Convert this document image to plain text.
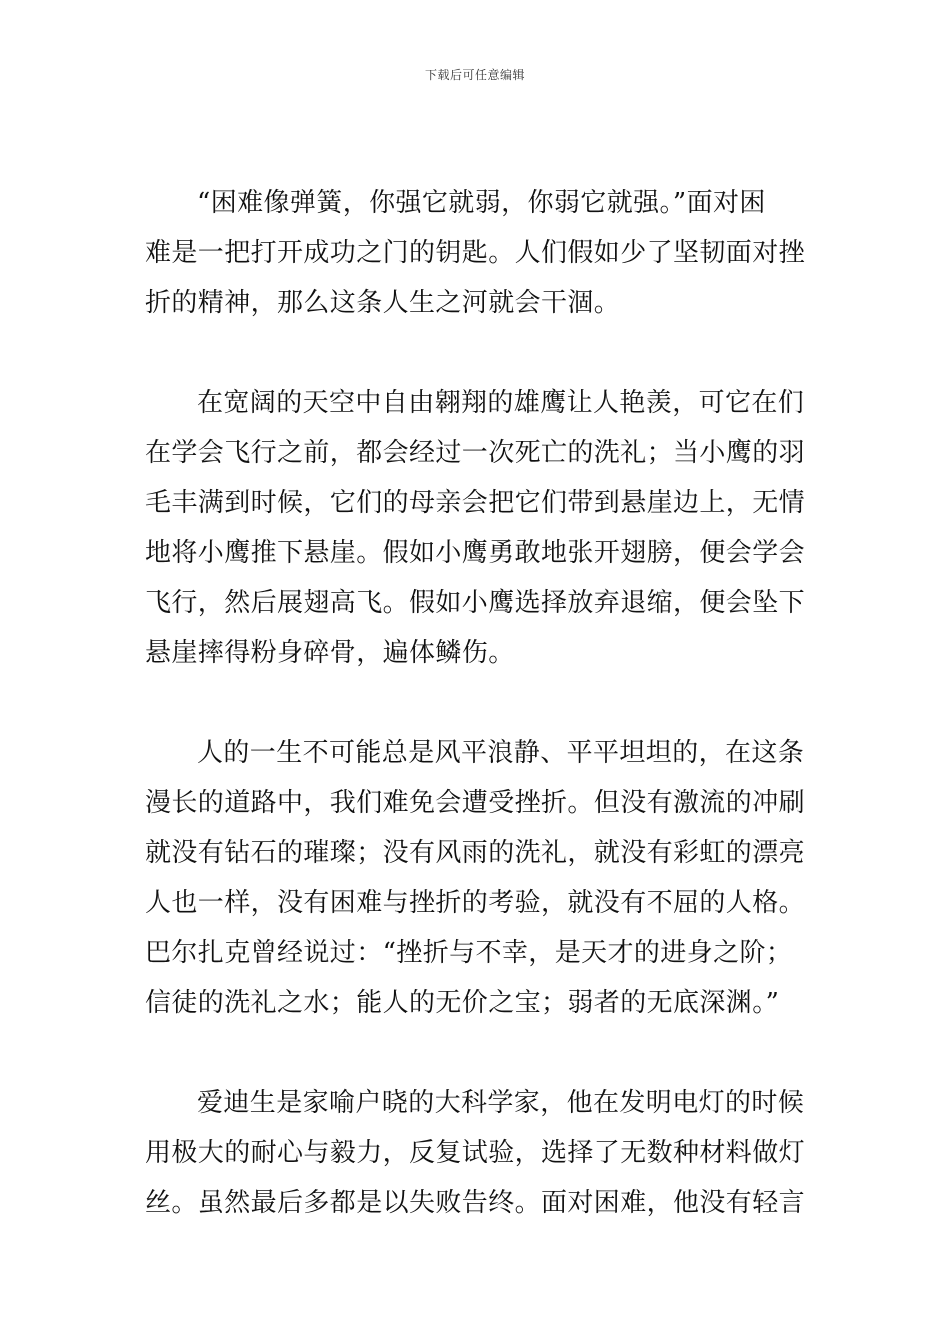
下载后可任意编辑
“困难像弹簧，你强它就弱，你弱它就强。”面对困
难是一把打开成功之门的钥匙。人们假如少了坚韧面对挫
折的精神，那么这条人生之河就会干涸。
在宽阔的天空中自由翱翔的雄鹰让人艳羡，可它在们
在学会飞行之前，都会经过一次死亡的洗礼；当小鹰的羽
毛丰满到时候，它们的母亲会把它们带到悬崖边上，无情
地将小鹰推下悬崖。假如小鹰勇敢地张开翅膀，便会学会
飞行，然后展翅高飞。假如小鹰选择放弃退缩，便会坠下
悬崖摔得粉身碎骨，遍体鳞伤。
人的一生不可能总是风平浪静、平平坦坦的，在这条
漫长的道路中，我们难免会遭受挫折。但没有激流的冲刷
就没有钻石的璀璨；没有风雨的洗礼，就没有彩虹的漂亮
人也一样，没有困难与挫折的考验，就没有不屈的人格。
巴尔扎克曾经说过：“挫折与不幸，是天才的进身之阶；
信徒的洗礼之水；能人的无价之宝；弱者的无底深渊。”
爱迪生是家喻户晓的大科学家，他在发明电灯的时候
用极大的耐心与毅力，反复试验，选择了无数种材料做灯
丝。虽然最后多都是以失败告终。面对困难，他没有轻言
